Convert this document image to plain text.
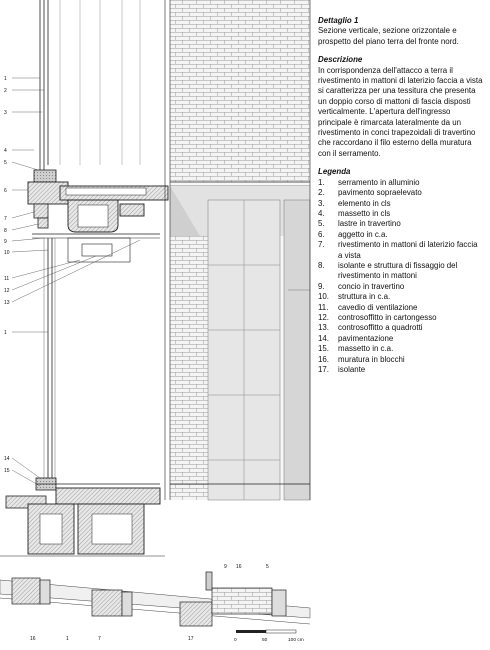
1
2
3
4
5
6
7
8
9
10
11
12
13
1
14
15
9 16	5
16	1	7	17	0	50	100 cm

Dettaglio 1

Sezione verticale, sezione orizzontale e prospetto del piano terra del fronte nord.

Descrizione

In corrispondenza dell'attacco a terra il rivestimento in mattoni di laterizio faccia a vista si caratterizza per una tessitura che presenta un doppio corso di mattoni di fascia disposti verticalmente. L'apertura dell'ingresso principale è rimarcata lateralmente da un rivestimento in conci trapezoidali di travertino che raccordano il filo esterno della muratura con il serramento.

Legenda

1.	serramento in alluminio
2.	pavimento sopraelevato
3.	elemento in cls
4.	massetto in cls
5.	lastre in travertino
6.	aggetto in c.a.
7.	rivestimento in mattoni di laterizio faccia a vista
8.	isolante e struttura di fissaggio del rivestimento in mattoni
9.	concio in travertino
10.	struttura in c.a.
11.	cavedio di ventilazione
12.	controsoffitto in cartongesso
13.	controsoffitto a quadrotti
14.	pavimentazione
15.	massetto in c.a.
16.	muratura in blocchi
17.	isolante
